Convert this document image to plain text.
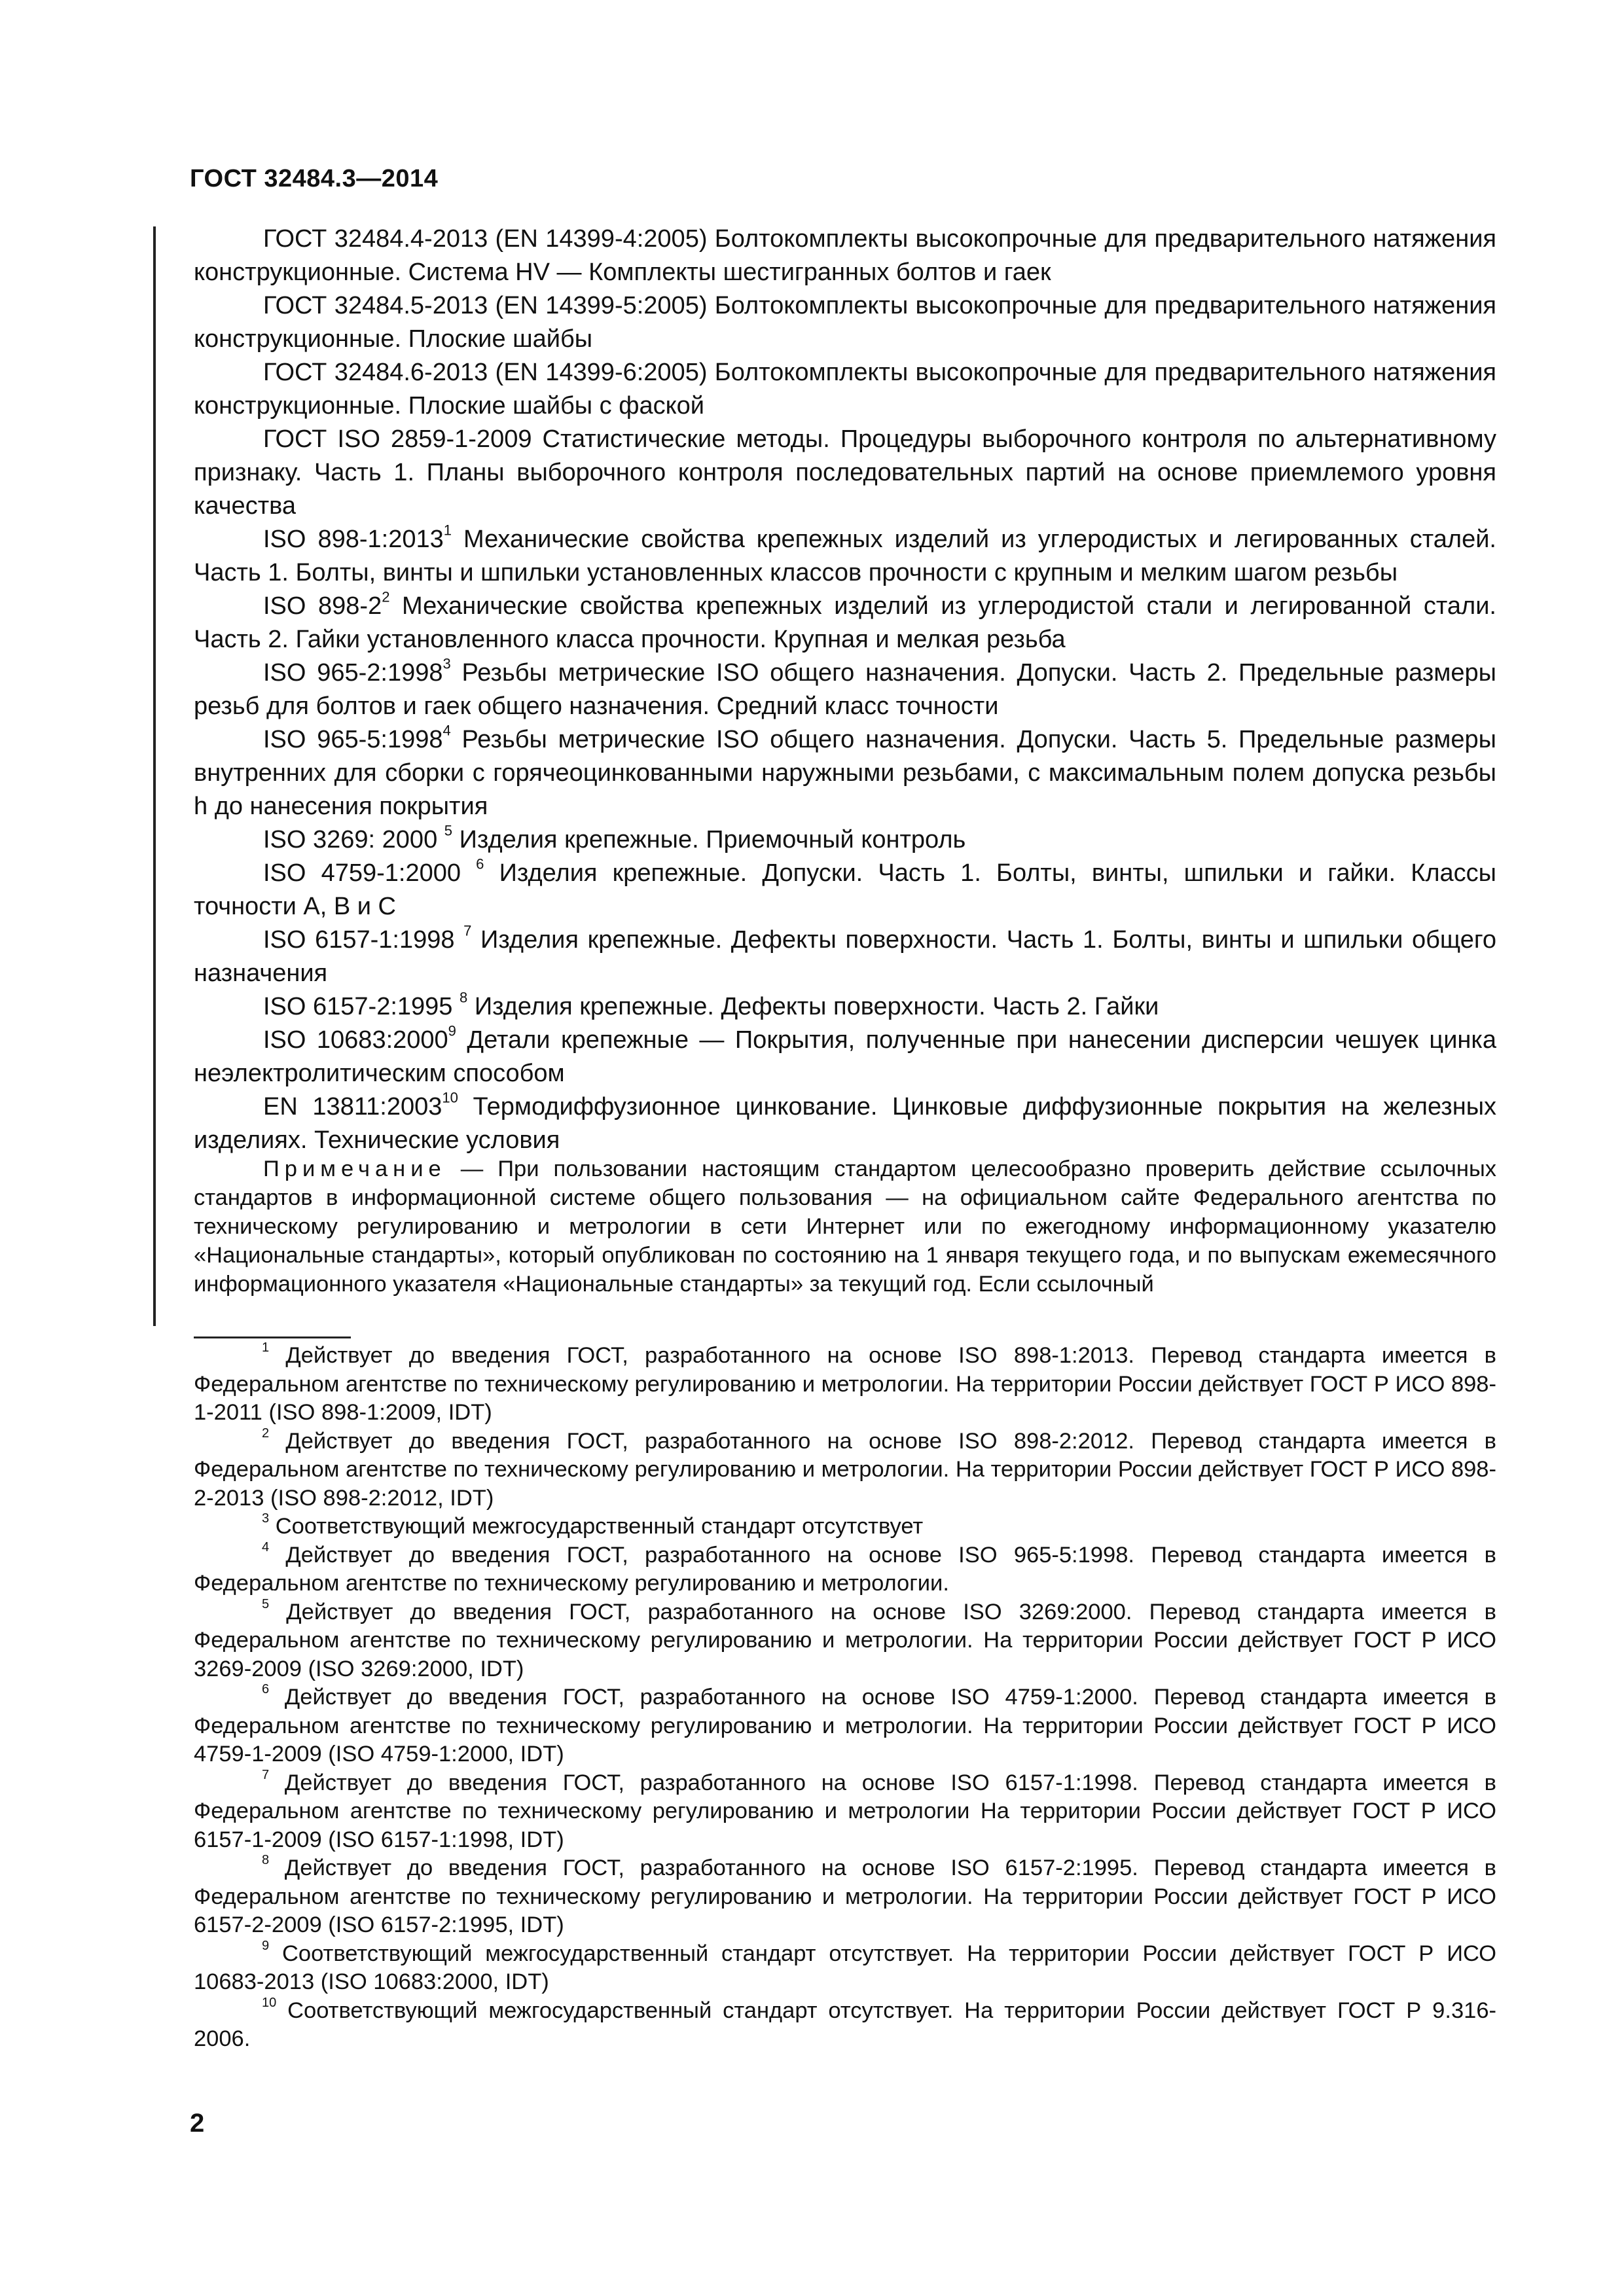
ГОСТ 32484.3—2014

ГОСТ 32484.4-2013 (EN 14399-4:2005) Болтокомплекты высокопрочные для предварительного натяжения конструкционные. Система HV — Комплекты шестигранных болтов и гаек

ГОСТ 32484.5-2013 (EN 14399-5:2005) Болтокомплекты высокопрочные для предварительного натяжения конструкционные. Плоские шайбы

ГОСТ 32484.6-2013 (EN 14399-6:2005) Болтокомплекты высокопрочные для предварительного натяжения конструкционные. Плоские шайбы с фаской

ГОСТ ISO 2859-1-2009 Статистические методы. Процедуры выборочного контроля по альтернативному признаку. Часть 1. Планы выборочного контроля последовательных партий на основе приемлемого уровня качества

ISO 898-1:2013$^1$ Механические свойства крепежных изделий из углеродистых и легированных сталей. Часть 1. Болты, винты и шпильки установленных классов прочности с крупным и мелким шагом резьбы

ISO $898-2^2$ Механические свойства крепежных изделий из углеродистой стали и легированной стали. Часть 2. Гайки установленного класса прочности. Крупная и мелкая резьба

ISO 965-2:1998$^3$ Резьбы метрические ISO общего назначения. Допуски. Часть 2. Предельные размеры резьб для болтов и гаек общего назначения. Средний класс точности

ISO 965-5:1998$^4$ Резьбы метрические ISO общего назначения. Допуски. Часть 5. Предельные размеры внутренних для сборки с горячеоцинкованными наружными резьбами, с максимальным полем допуска резьбы h до нанесения покрытия

ISO 3269: 2000 $^5$ Изделия крепежные. Приемочный контроль

ISO 4759-1:2000 $^6$ Изделия крепежные. Допуски. Часть 1. Болты, винты, шпильки и гайки. Классы точности А, В и С

ISO 6157-1:1998 $^7$ Изделия крепежные. Дефекты поверхности. Часть 1. Болты, винты и шпильки общего назначения

ISO 6157-2:1995 $^8$ Изделия крепежные. Дефекты поверхности. Часть 2. Гайки

ISO 10683:2000$^9$ Детали крепежные — Покрытия, полученные при нанесении дисперсии чешуек цинка неэлектролитическим способом

EN 13811:2003$^{10}$ Термодиффузионное цинкование. Цинковые диффузионные покрытия на железных изделиях. Технические условия

Примечание — При пользовании настоящим стандартом целесообразно проверить действие ссылочных стандартов в информационной системе общего пользования — на официальном сайте Федерального агентства по техническому регулированию и метрологии в сети Интернет или по ежегодному информационному указателю «Национальные стандарты», который опубликован по состоянию на 1 января текущего года, и по выпускам ежемесячного информационного указателя «Национальные стандарты» за текущий год. Если ссылочный

$^1$ Действует до введения ГОСТ, разработанного на основе ISO 898-1:2013. Перевод стандарта имеется в Федеральном агентстве по техническому регулированию и метрологии. На территории России действует ГОСТ Р ИСО 898-1-2011 (ISO 898-1:2009, IDT)

$^2$ Действует до введения ГОСТ, разработанного на основе ISO 898-2:2012. Перевод стандарта имеется в Федеральном агентстве по техническому регулированию и метрологии. На территории России действует ГОСТ Р ИСО 898-2-2013 (ISO 898-2:2012, IDT)

$^3$ Соответствующий межгосударственный стандарт отсутствует

$^4$ Действует до введения ГОСТ, разработанного на основе ISO 965-5:1998. Перевод стандарта имеется в Федеральном агентстве по техническому регулированию и метрологии.

$^5$ Действует до введения ГОСТ, разработанного на основе ISO 3269:2000. Перевод стандарта имеется в Федеральном агентстве по техническому регулированию и метрологии. На территории России действует ГОСТ Р ИСО 3269-2009 (ISO 3269:2000, IDT)

$^6$ Действует до введения ГОСТ, разработанного на основе ISO 4759-1:2000. Перевод стандарта имеется в Федеральном агентстве по техническому регулированию и метрологии. На территории России действует ГОСТ Р ИСО 4759-1-2009 (ISO 4759-1:2000, IDT)

$^7$ Действует до введения ГОСТ, разработанного на основе ISO 6157-1:1998. Перевод стандарта имеется в Федеральном агентстве по техническому регулированию и метрологии На территории России действует ГОСТ Р ИСО 6157-1-2009 (ISO 6157-1:1998, IDT)

$^8$ Действует до введения ГОСТ, разработанного на основе ISO 6157-2:1995. Перевод стандарта имеется в Федеральном агентстве по техническому регулированию и метрологии. На территории России действует ГОСТ Р ИСО 6157-2-2009 (ISO 6157-2:1995, IDT)

$^9$ Соответствующий межгосударственный стандарт отсутствует. На территории России действует ГОСТ Р ИСО 10683-2013 (ISO 10683:2000, IDT)

$^{10}$ Соответствующий межгосударственный стандарт отсутствует. На территории России действует ГОСТ Р 9.316-2006.

2
